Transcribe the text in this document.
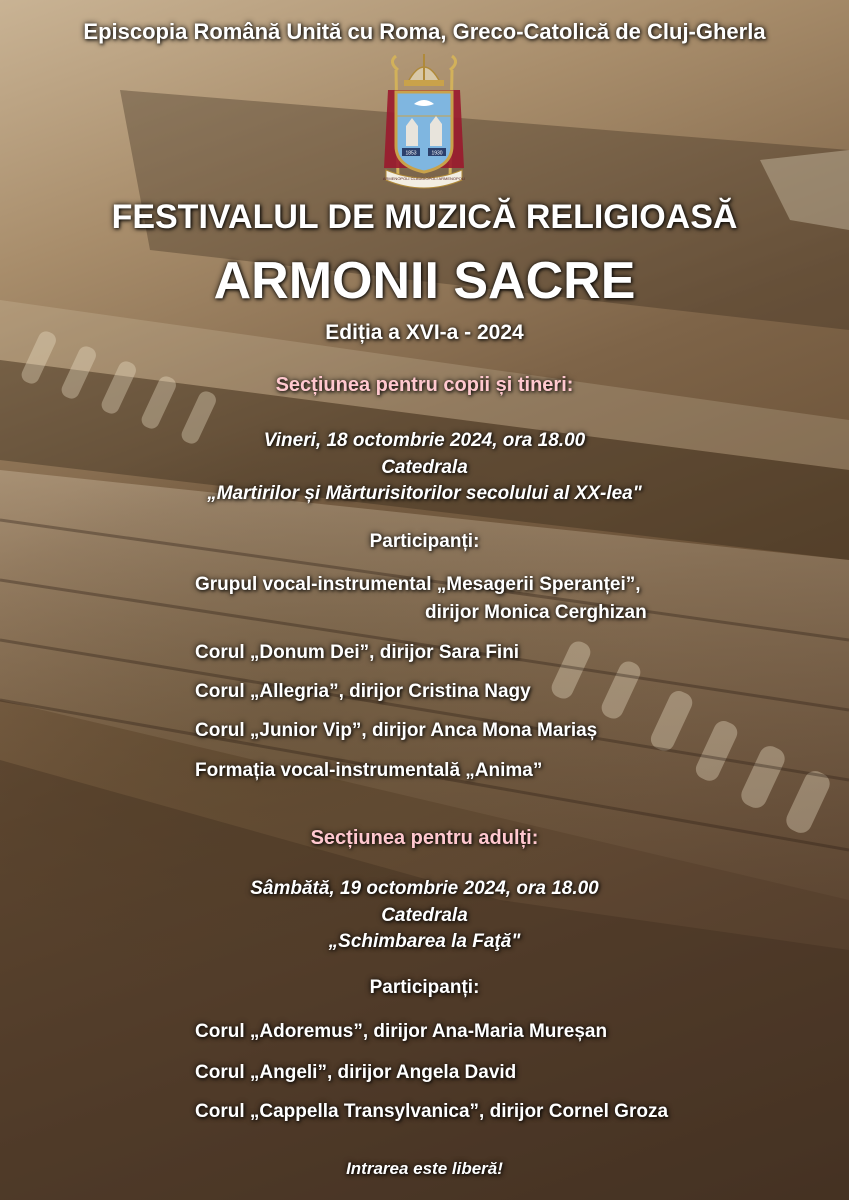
Episcopia Română Unită cu Roma, Greco-Catolică de Cluj-Gherla
1853	1930
ARMENOPOLI CLAUDIOPOLI ARMENOPOLI
FESTIVALUL DE MUZICĂ RELIGIOASĂ
ARMONII SACRE
Ediția a XVI-a - 2024
Secțiunea pentru copii și tineri:
Vineri, 18 octombrie 2024, ora 18.00
Catedrala
„Martirilor și Mărturisitorilor secolului al XX-lea"
Participanți:
Grupul vocal-instrumental „Mesagerii Speranței”,
dirijor Monica Cerghizan
Corul „Donum Dei”, dirijor Sara Fini
Corul „Allegria”, dirijor Cristina Nagy
Corul „Junior Vip”, dirijor Anca Mona Mariaș
Formația vocal-instrumentală „Anima”
Secțiunea pentru adulți:
Sâmbătă, 19 octombrie 2024, ora 18.00
Catedrala
„Schimbarea la Faţă"
Participanți:
Corul „Adoremus”, dirijor Ana-Maria Mureșan
Corul „Angeli”, dirijor Angela David
Corul „Cappella Transylvanica”, dirijor Cornel Groza
Intrarea este liberă!
